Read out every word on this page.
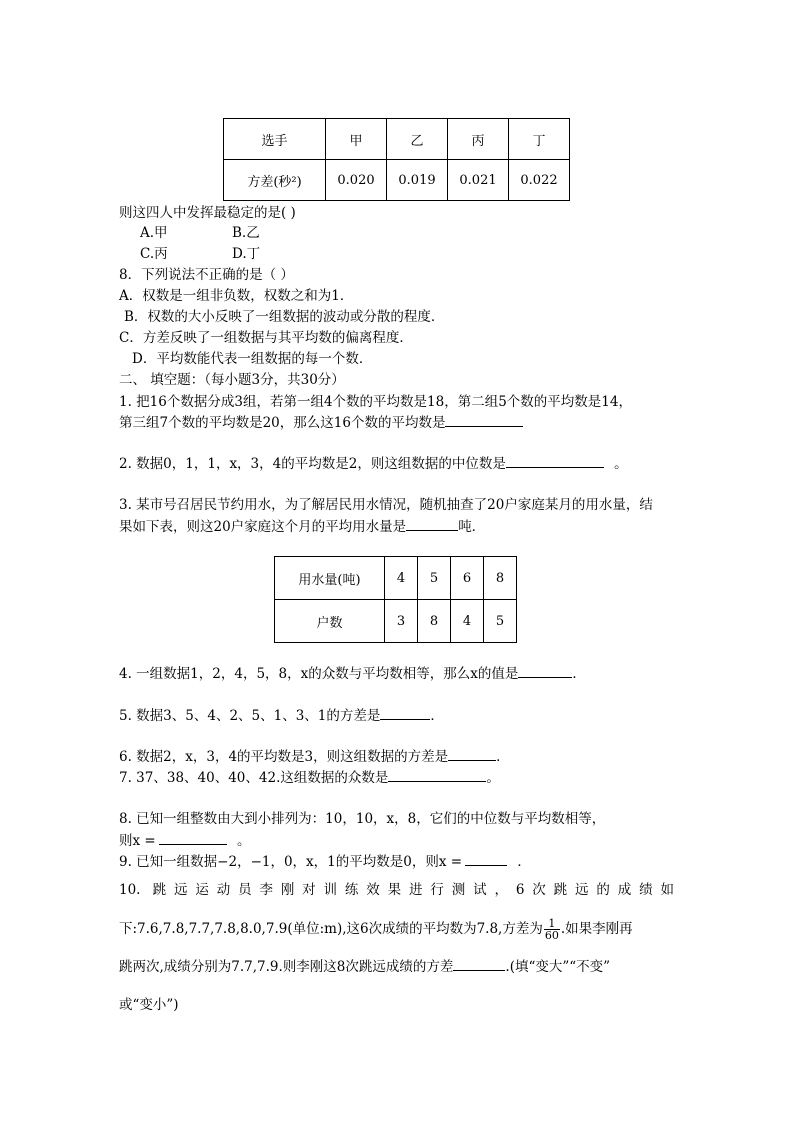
选手	甲	乙	丙	丁
方差(秒²)	0.020	0.019	0.021	0.022
则这四人中发挥最稳定的是( )
A.甲	B.乙
C.丙	D.丁
8．下列说法不正确的是（ ）
A．权数是一组非负数，权数之和为1．
B．权数的大小反映了一组数据的波动或分散的程度．
C．方差反映了一组数据与其平均数的偏离程度．
D．平均数能代表一组数据的每一个数．
二、 填空题：（每小题3分，共30分）
1. 把16个数据分成3组，若第一组4个数的平均数是18，第二组5个数的平均数是14，
第三组7个数的平均数是20，那么这16个数的平均数是
2. 数据0，1，1，x，3，4的平均数是2，则这组数据的中位数是	。
3. 某市号召居民节约用水，为了解居民用水情况，随机抽查了20户家庭某月的用水量，结
果如下表，则这20户家庭这个月的平均用水量是	吨．
用水量(吨)	4	5	6	8
户数	3	8	4	5
4. 一组数据1，2，4，5，8，x的众数与平均数相等，那么x的值是	．
5. 数据3、5、4、2、5、1、3、1的方差是	．
6. 数据2，x，3，4的平均数是3，则这组数据的方差是	．
7. 37、38、40、40、42.这组数据的众数是	。
8. 已知一组整数由大到小排列为：10，10，x，8，它们的中位数与平均数相等，
则x =	。
9. 已知一组数据−2，−1，0，x，1的平均数是0，则x =	．
10. 跳远运动员李刚对训练效果进行测试，6次跳远的成绩如
下:7.6,7.8,7.7,7.8,8.0,7.9(单位:m),这6次成绩的平均数为7.8,方差为 $\frac{1}{60}$ .如果李刚再
跳两次,成绩分别为7.7,7.9.则李刚这8次跳远成绩的方差	.(填“变大”“不变”
或“变小”)
